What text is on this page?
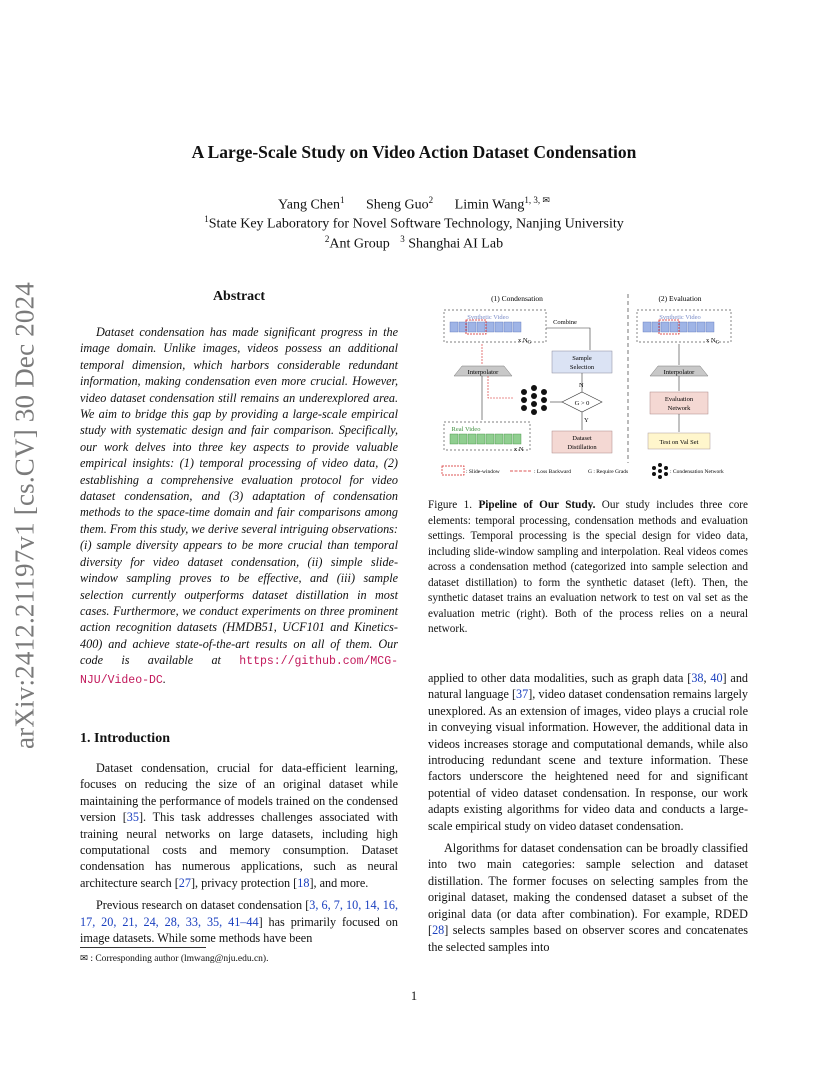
arXiv:2412.21197v1 [cs.CV] 30 Dec 2024
A Large-Scale Study on Video Action Dataset Condensation
Yang Chen$^1$ Sheng Guo$^2$ Limin Wang$^{1, 3, ✉}$
$^1$State Key Laboratory for Novel Software Technology, Nanjing University
$^2$Ant Group $^3$ Shanghai AI Lab
Abstract

Dataset condensation has made significant progress in the image domain. Unlike images, videos possess an additional temporal dimension, which harbors considerable redundant information, making condensation even more crucial. However, video dataset condensation still remains an underexplored area. We aim to bridge this gap by providing a large-scale empirical study with systematic design and fair comparison. Specifically, our work delves into three key aspects to provide valuable empirical insights: (1) temporal processing of video data, (2) establishing a comprehensive evaluation protocol for video dataset condensation, and (3) adaptation of condensation methods to the space-time domain and fair comparisons among them. From this study, we derive several intriguing observations: (i) sample diversity appears to be more crucial than temporal diversity for video dataset condensation, (ii) simple slide-window sampling proves to be effective, and (iii) sample selection currently outperforms dataset distillation in most cases. Furthermore, we conduct experiments on three prominent action recognition datasets (HMDB51, UCF101 and Kinetics-400) and achieve state-of-the-art results on all of them. Our code is available at https://github.com/MCG-NJU/Video-DC.

1. Introduction

Dataset condensation, crucial for data-efficient learning, focuses on reducing the size of an original dataset while maintaining the performance of models trained on the condensed version [35]. This task addresses challenges associated with training neural networks on large datasets, including high computational costs and memory consumption. Dataset condensation has numerous applications, such as neural architecture search [27], privacy protection [18], and more.

Previous research on dataset condensation [3, 6, 7, 10, 14, 16, 17, 20, 21, 24, 28, 33, 35, 41–44] has primarily focused on image datasets. While some methods have been

✉ : Corresponding author (lmwang@nju.edu.cn).
(1) Condensation	(2) Evaluation
Synthetic Video
x $N_G$
Combine
Sample
Selection
N
Interpolator
G > 0
Y
Real Video
x N
Dataset
Distillation
Synthetic Video
x $N_G$
Interpolator
Evaluation
Network
Test on Val Set
: Slide-window	: Loss Backward	G : Require Grads	: Condensation Network

Figure 1. Pipeline of Our Study. Our study includes three core elements: temporal processing, condensation methods and evaluation settings. Temporal processing is the special design for video data, including slide-window sampling and interpolation. Real videos comes across a condensation method (categorized into sample selection and dataset distillation) to form the synthetic dataset (left). Then, the synthetic dataset trains an evaluation network to test on val set as the evaluation metric (right). Both of the process relies on a neural network.

applied to other data modalities, such as graph data [38, 40] and natural language [37], video dataset condensation remains largely unexplored. As an extension of images, video plays a crucial role in conveying visual information. However, the additional data in videos increases storage and computational demands, while also introducing redundant scene and texture information. These factors underscore the heightened need for and significant potential of video dataset condensation. In response, our work adapts existing algorithms for video data and conducts a large-scale empirical study on video dataset condensation.

Algorithms for dataset condensation can be broadly classified into two main categories: sample selection and dataset distillation. The former focuses on selecting samples from the original dataset, making the condensed dataset a subset of the original data (or data after combination). For example, RDED [28] selects samples based on observer scores and concatenates the selected samples into

1
